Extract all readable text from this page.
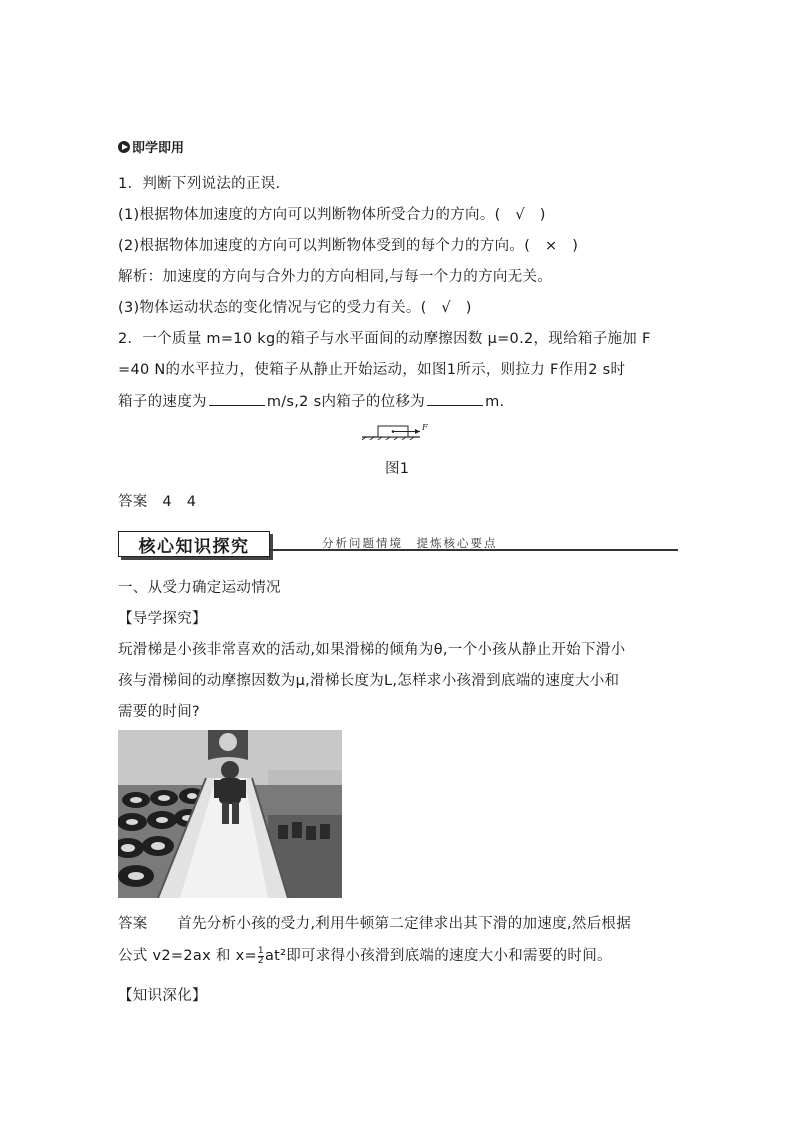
即学即用
1．判断下列说法的正误．
(1)根据物体加速度的方向可以判断物体所受合力的方向。(　√　)
(2)根据物体加速度的方向可以判断物体受到的每个力的方向。(　×　)
解析：加速度的方向与合外力的方向相同,与每一个力的方向无关。
(3)物体运动状态的变化情况与它的受力有关。(　√　)
2．一个质量 m=10 kg的箱子与水平面间的动摩擦因数 μ=0.2，现给箱子施加 F
=40 N的水平拉力，使箱子从静止开始运动，如图1所示，则拉力 F作用2 s时
箱子的速度为	m/s,2 s内箱子的位移为	m.
F
图1
答案　4　4
核心知识探究	分析问题情境　提炼核心要点
一、从受力确定运动情况
【导学探究】
玩滑梯是小孩非常喜欢的活动,如果滑梯的倾角为θ,一个小孩从静止开始下滑小
孩与滑梯间的动摩擦因数为μ,滑梯长度为L,怎样求小孩滑到底端的速度大小和
需要的时间?
答案　　首先分析小孩的受力,利用牛顿第二定律求出其下滑的加速度,然后根据
公式 v2=2ax 和 $x= \frac{1}{2} at^2$即可求得小孩滑到底端的速度大小和需要的时间。
【知识深化】
